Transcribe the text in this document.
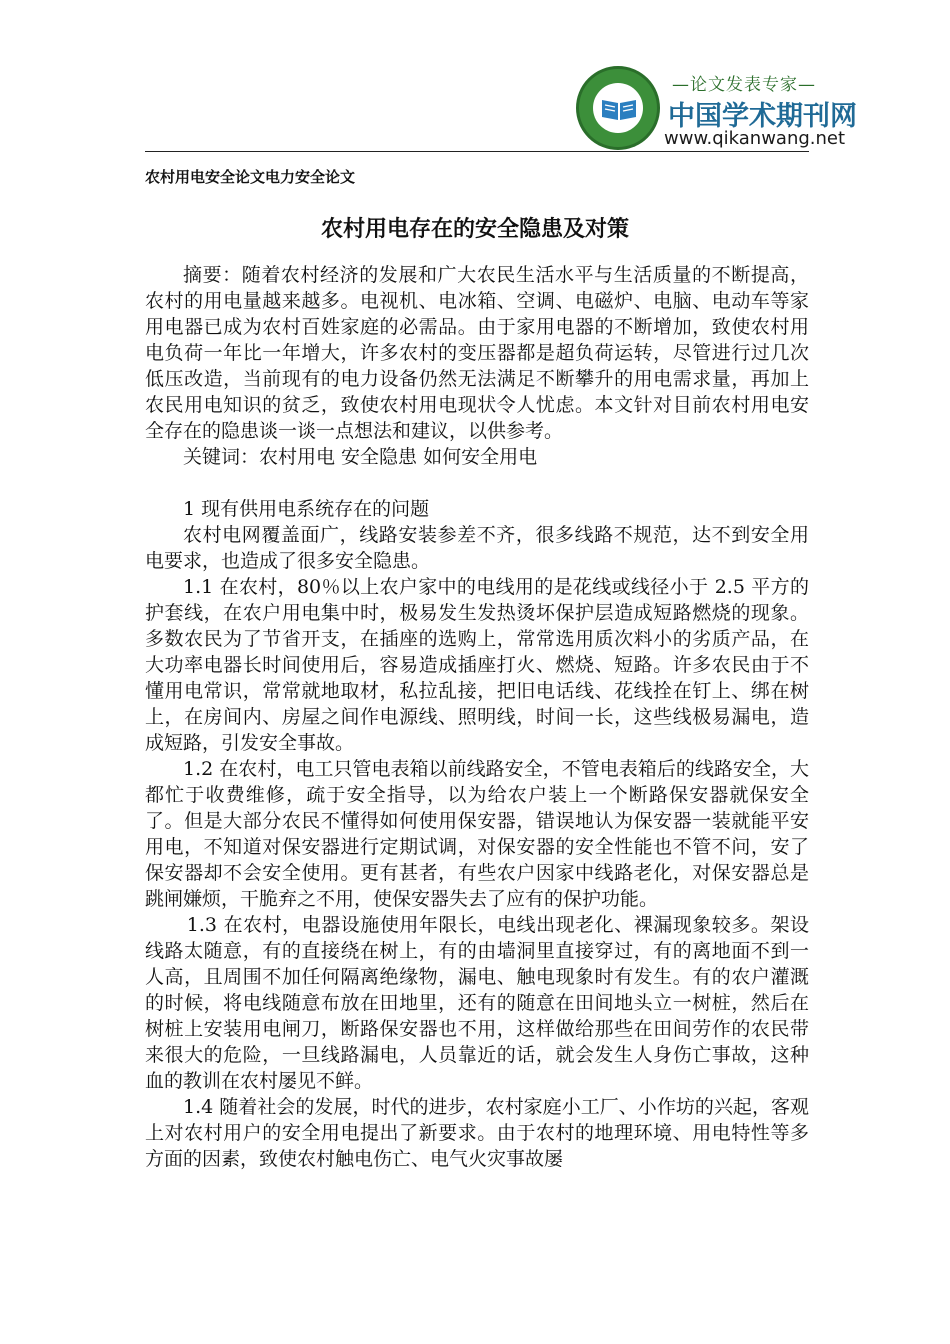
—论文发表专家—
中国学术期刊网
www.qikanwang.net
农村用电安全论文电力安全论文
农村用电存在的安全隐患及对策

摘要：随着农村经济的发展和广大农民生活水平与生活质量的不断提高，农村的用电量越来越多。电视机、电冰箱、空调、电磁炉、电脑、电动车等家用电器已成为农村百姓家庭的必需品。由于家用电器的不断增加，致使农村用电负荷一年比一年增大，许多农村的变压器都是超负荷运转，尽管进行过几次低压改造，当前现有的电力设备仍然无法满足不断攀升的用电需求量，再加上农民用电知识的贫乏，致使农村用电现状令人忧虑。本文针对目前农村用电安全存在的隐患谈一谈一点想法和建议，以供参考。

关键词：农村用电 安全隐患 如何安全用电

1 现有供用电系统存在的问题

农村电网覆盖面广，线路安装参差不齐，很多线路不规范，达不到安全用电要求，也造成了很多安全隐患。

1.1 在农村，80％以上农户家中的电线用的是花线或线径小于 2.5 平方的护套线，在农户用电集中时，极易发生发热烫坏保护层造成短路燃烧的现象。多数农民为了节省开支，在插座的选购上，常常选用质次料小的劣质产品，在大功率电器长时间使用后，容易造成插座打火、燃烧、短路。许多农民由于不懂用电常识，常常就地取材，私拉乱接，把旧电话线、花线拴在钉上、绑在树上，在房间内、房屋之间作电源线、照明线，时间一长，这些线极易漏电，造成短路，引发安全事故。

1.2 在农村，电工只管电表箱以前线路安全，不管电表箱后的线路安全，大都忙于收费维修，疏于安全指导，以为给农户装上一个断路保安器就保安全了。但是大部分农民不懂得如何使用保安器，错误地认为保安器一装就能平安用电，不知道对保安器进行定期试调，对保安器的安全性能也不管不问，安了保安器却不会安全使用。更有甚者，有些农户因家中线路老化，对保安器总是跳闸嫌烦，干脆弃之不用，使保安器失去了应有的保护功能。

1.3 在农村，电器设施使用年限长，电线出现老化、裸漏现象较多。架设线路太随意，有的直接绕在树上，有的由墙洞里直接穿过，有的离地面不到一人高，且周围不加任何隔离绝缘物，漏电、触电现象时有发生。有的农户灌溉的时候，将电线随意布放在田地里，还有的随意在田间地头立一树桩，然后在树桩上安装用电闸刀，断路保安器也不用，这样做给那些在田间劳作的农民带来很大的危险，一旦线路漏电，人员靠近的话，就会发生人身伤亡事故，这种血的教训在农村屡见不鲜。

1.4 随着社会的发展，时代的进步，农村家庭小工厂、小作坊的兴起，客观上对农村用户的安全用电提出了新要求。由于农村的地理环境、用电特性等多方面的因素，致使农村触电伤亡、电气火灾事故屡
